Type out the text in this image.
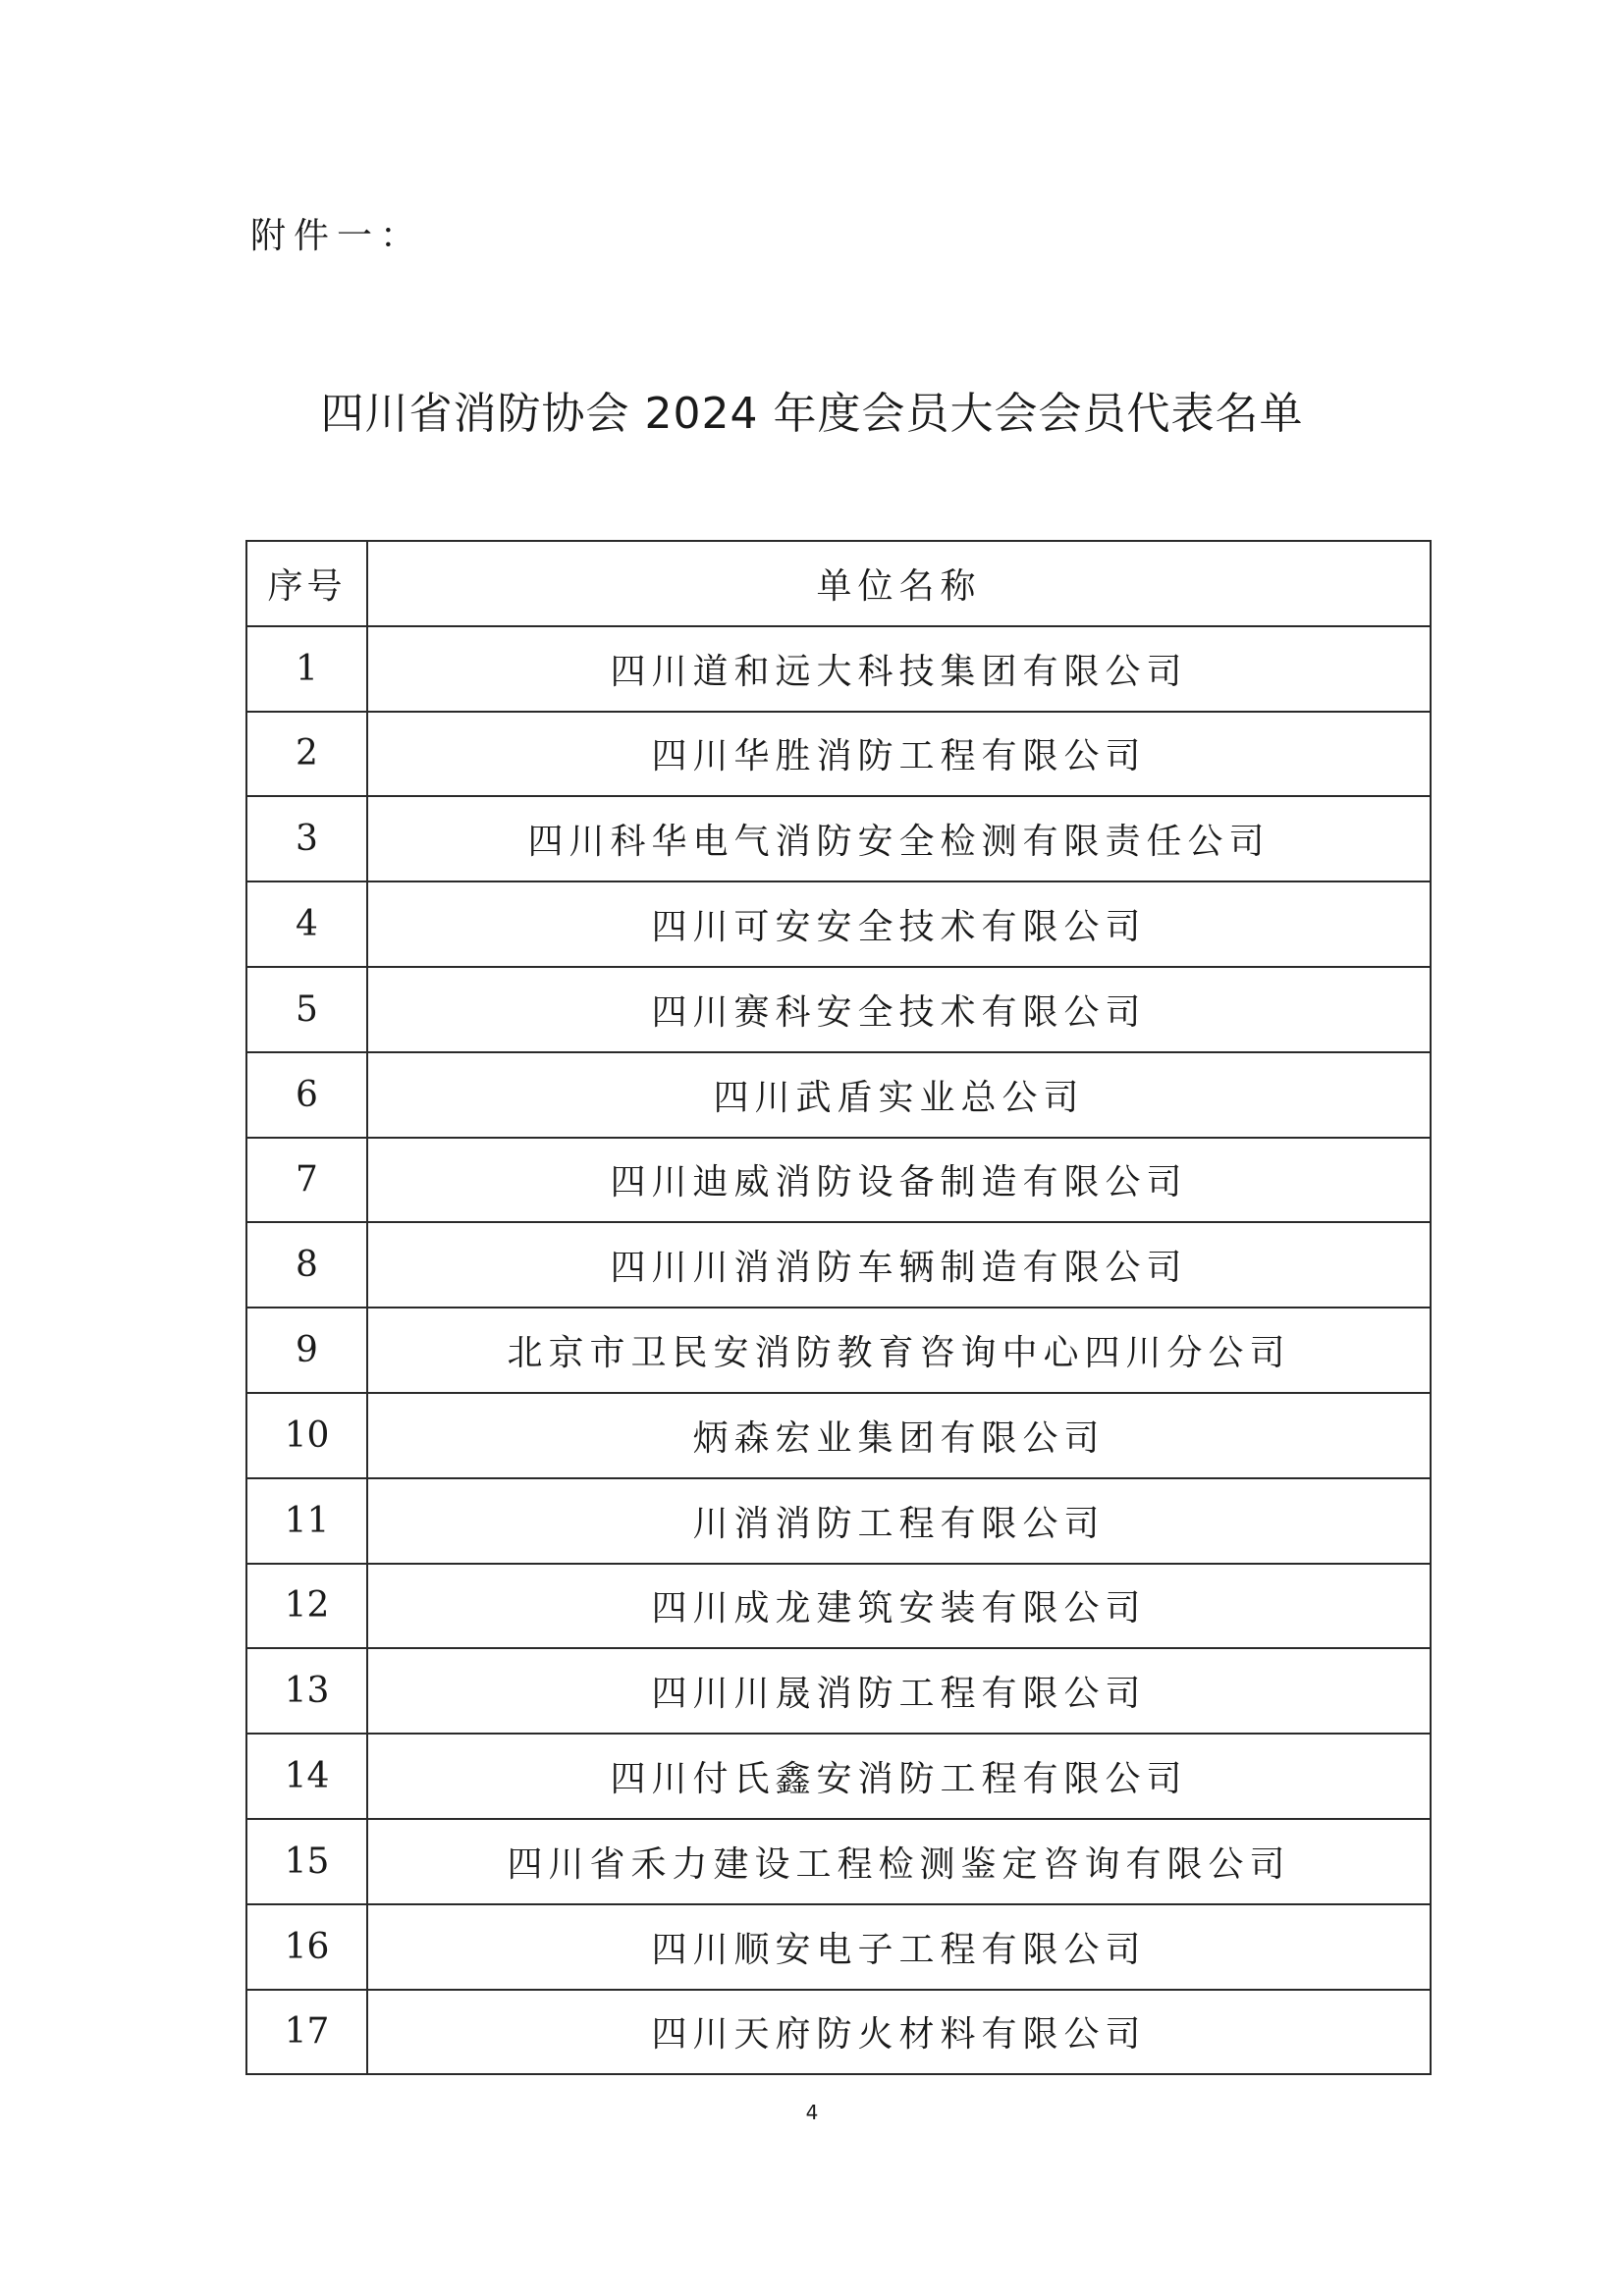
附件一：
四川省消防协会 2024 年度会员大会会员代表名单
序号	单位名称
1	四川道和远大科技集团有限公司
2	四川华胜消防工程有限公司
3	四川科华电气消防安全检测有限责任公司
4	四川可安安全技术有限公司
5	四川赛科安全技术有限公司
6	四川武盾实业总公司
7	四川迪威消防设备制造有限公司
8	四川川消消防车辆制造有限公司
9	北京市卫民安消防教育咨询中心四川分公司
10	炳森宏业集团有限公司
11	川消消防工程有限公司
12	四川成龙建筑安装有限公司
13	四川川晟消防工程有限公司
14	四川付氏鑫安消防工程有限公司
15	四川省禾力建设工程检测鉴定咨询有限公司
16	四川顺安电子工程有限公司
17	四川天府防火材料有限公司
4
